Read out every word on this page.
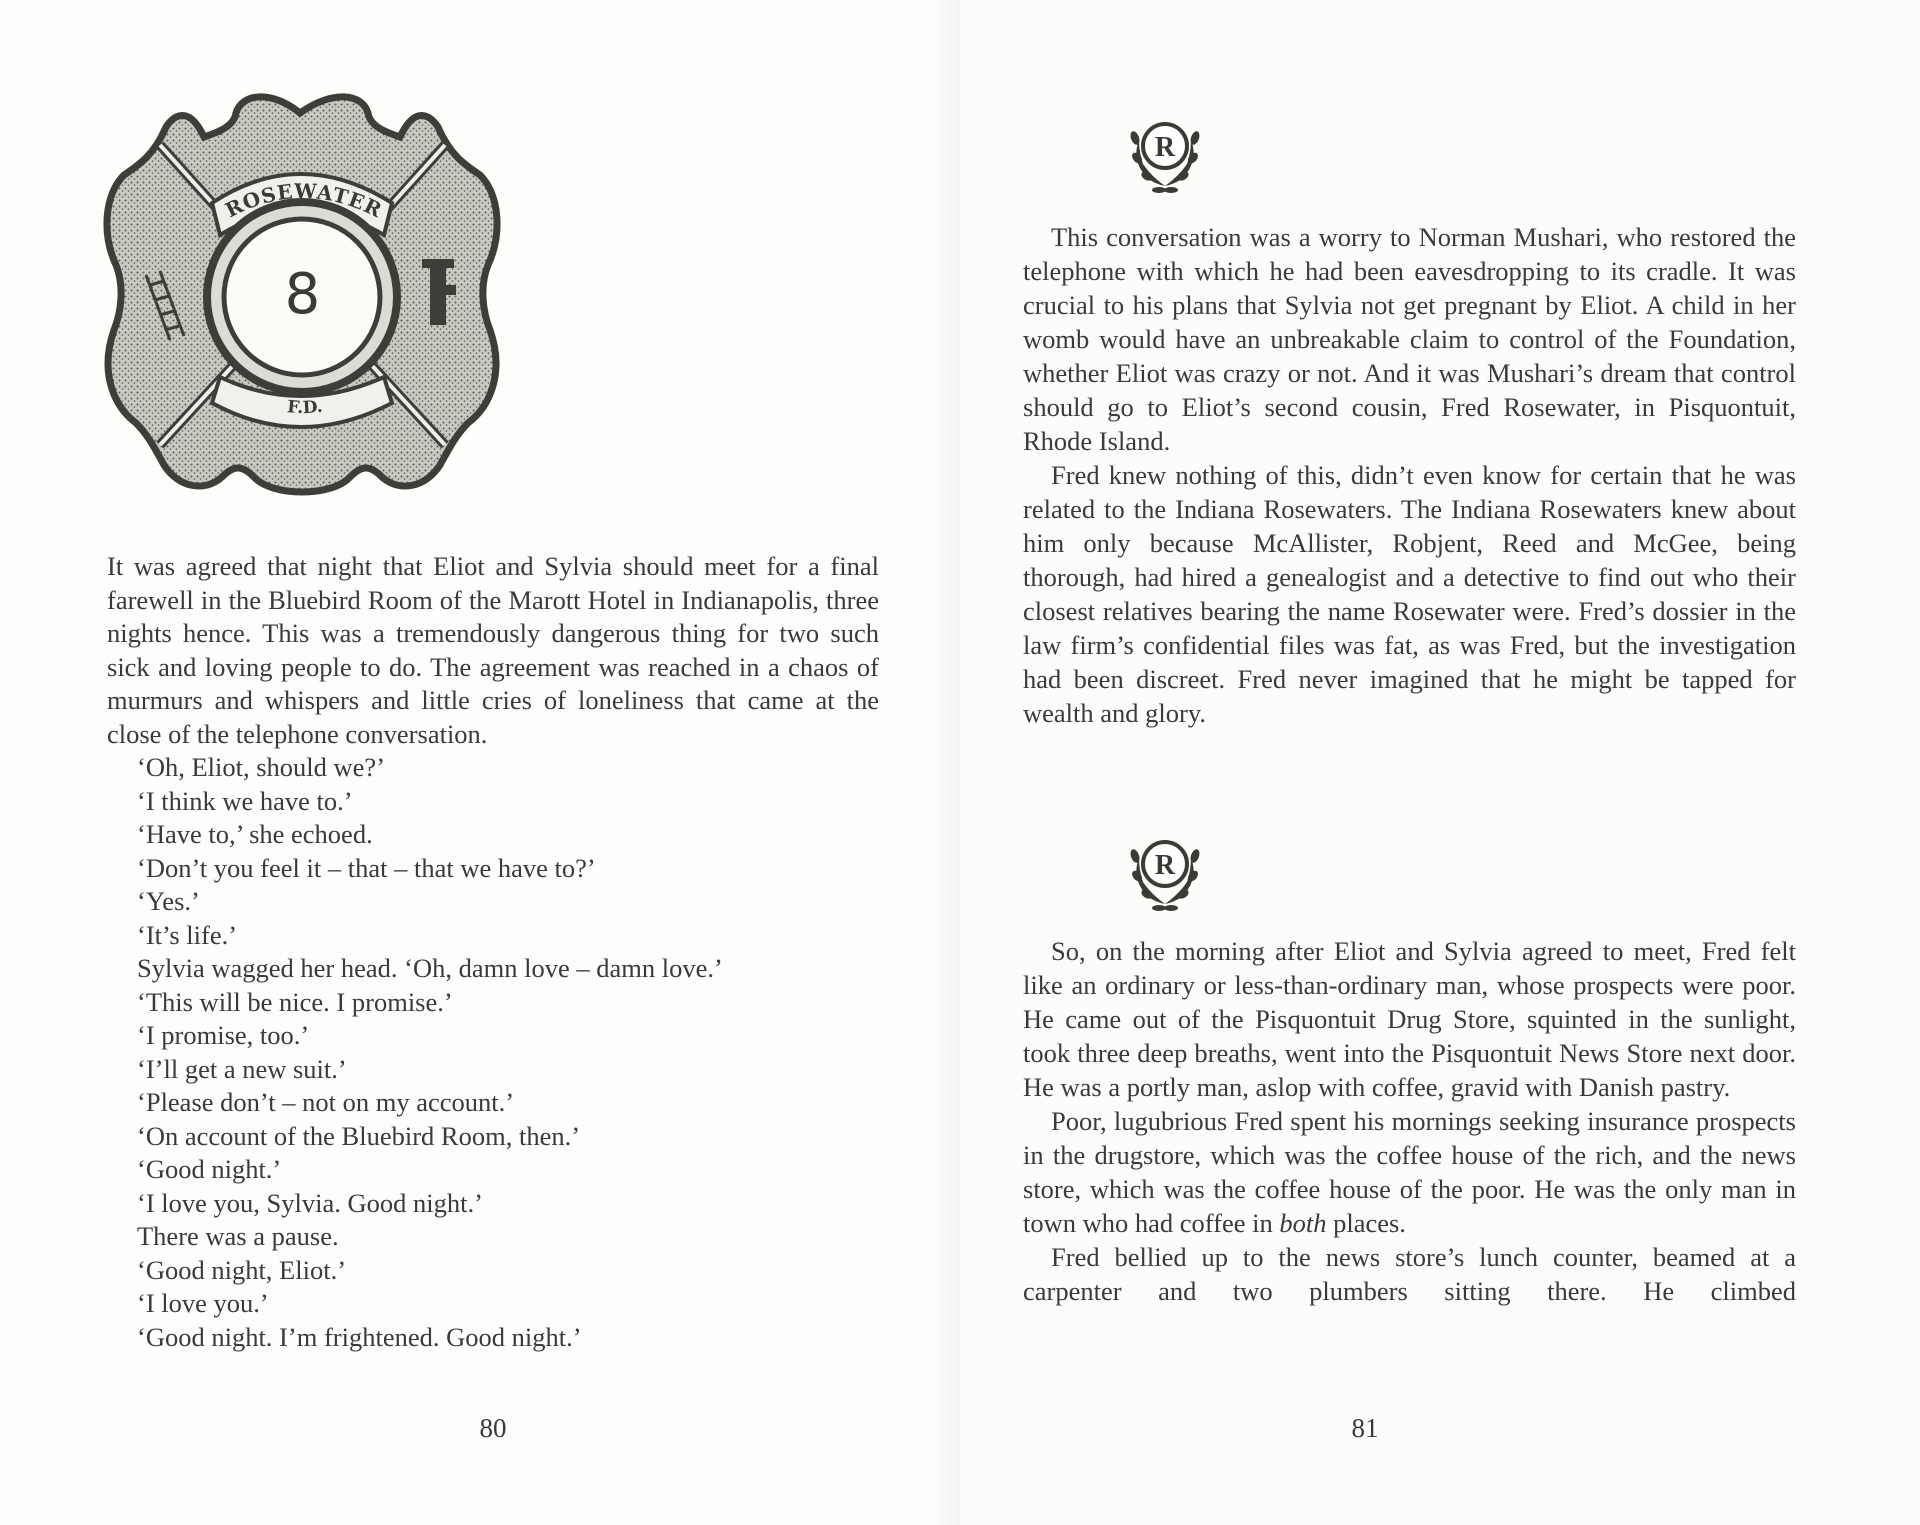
ROSEWATER
F.D.
8

It was agreed that night that Eliot and Sylvia should meet for a final farewell in the Bluebird Room of the Marott Hotel in Indianapolis, three nights hence. This was a tremendously dangerous thing for two such sick and loving people to do. The agreement was reached in a chaos of murmurs and whispers and little cries of loneliness that came at the close of the telephone conversation.

‘Oh, Eliot, should we?’

‘I think we have to.’

‘Have to,’ she echoed.

‘Don’t you feel it – that – that we have to?’

‘Yes.’

‘It’s life.’

Sylvia wagged her head. ‘Oh, damn love – damn love.’

‘This will be nice. I promise.’

‘I promise, too.’

‘I’ll get a new suit.’

‘Please don’t – not on my account.’

‘On account of the Bluebird Room, then.’

‘Good night.’

‘I love you, Sylvia. Good night.’

There was a pause.

‘Good night, Eliot.’

‘I love you.’

‘Good night. I’m frightened. Good night.’

80
R

This conversation was a worry to Norman Mushari, who restored the telephone with which he had been eavesdropping to its cradle. It was crucial to his plans that Sylvia not get pregnant by Eliot. A child in her womb would have an unbreakable claim to control of the Foundation, whether Eliot was crazy or not. And it was Mushari’s dream that control should go to Eliot’s second cousin, Fred Rosewater, in Pisquontuit, Rhode Island.

Fred knew nothing of this, didn’t even know for certain that he was related to the Indiana Rosewaters. The Indiana Rosewaters knew about him only because McAllister, Robjent, Reed and McGee, being thorough, had hired a genealogist and a detective to find out who their closest relatives bearing the name Rosewater were. Fred’s dossier in the law firm’s confidential files was fat, as was Fred, but the investigation had been discreet. Fred never imagined that he might be tapped for wealth and glory.

R

So, on the morning after Eliot and Sylvia agreed to meet, Fred felt like an ordinary or less-than-ordinary man, whose prospects were poor. He came out of the Pisquontuit Drug Store, squinted in the sunlight, took three deep breaths, went into the Pisquontuit News Store next door. He was a portly man, aslop with coffee, gravid with Danish pastry.

Poor, lugubrious Fred spent his mornings seeking insurance prospects in the drugstore, which was the coffee house of the rich, and the news store, which was the coffee house of the poor. He was the only man in town who had coffee in both places.

Fred bellied up to the news store’s lunch counter, beamed at a carpenter and two plumbers sitting there. He climbed

81
